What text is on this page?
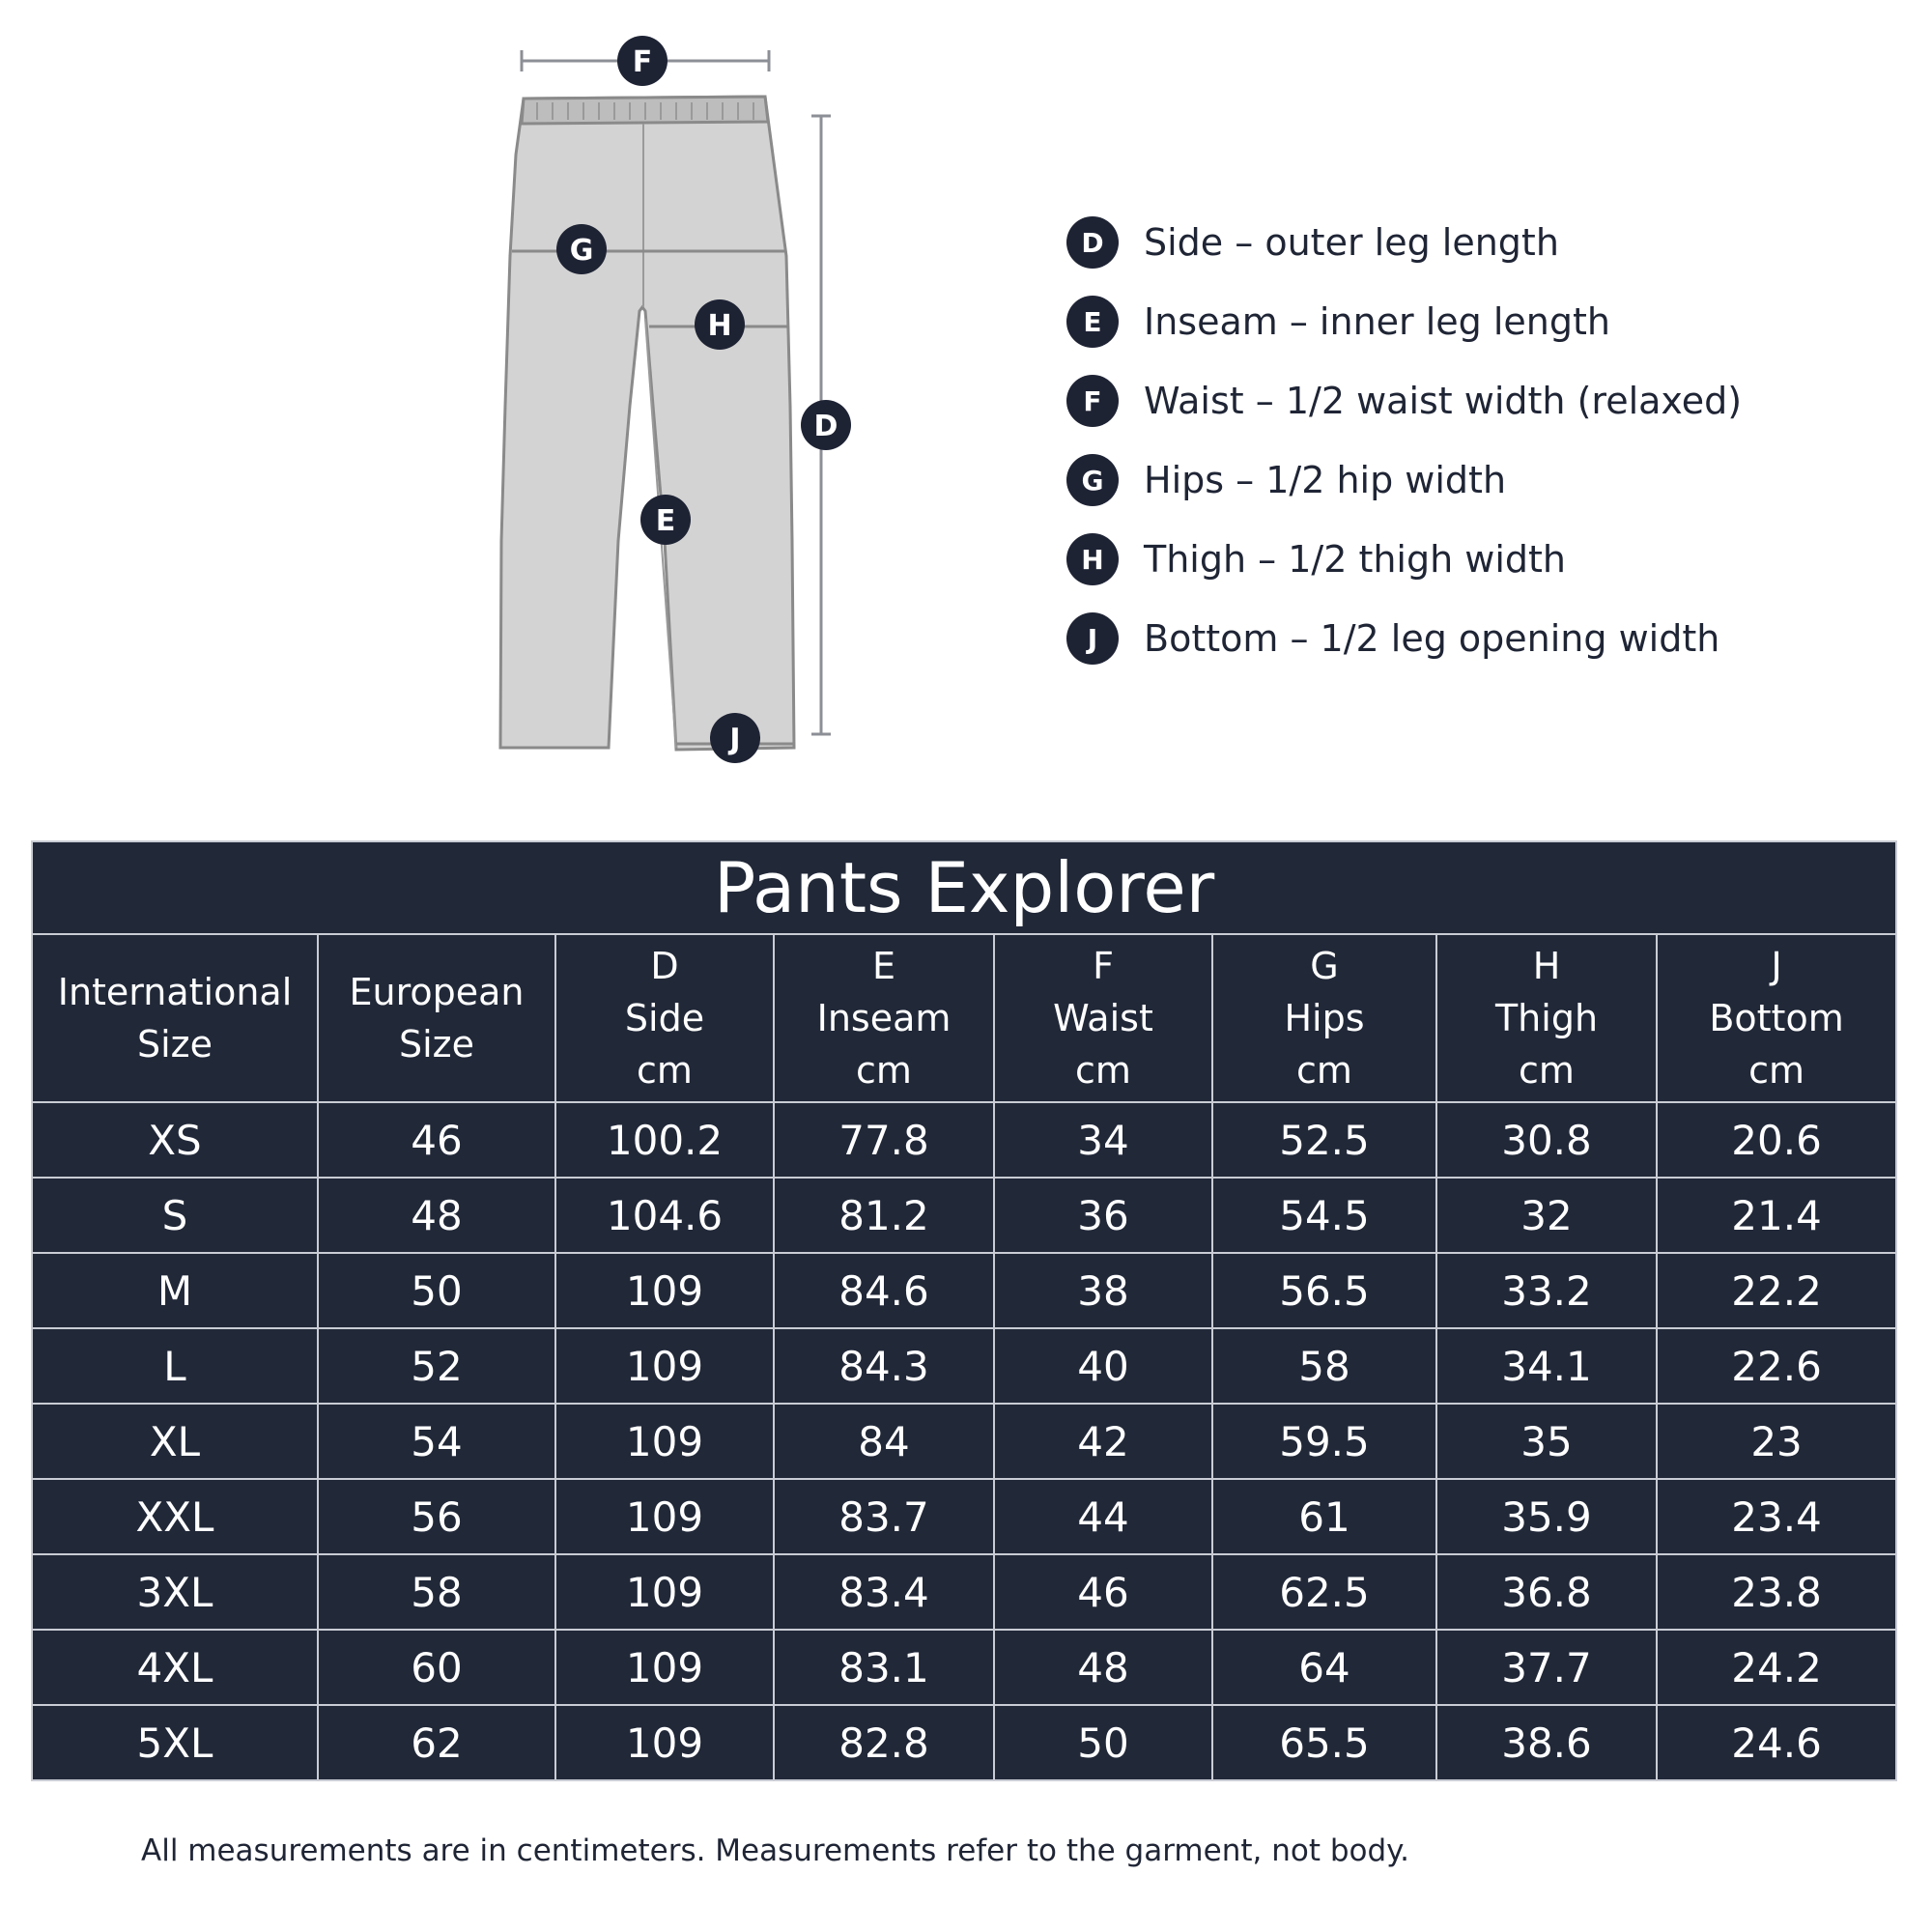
F
G
H
D
E
J
D	Side – outer leg length
E	Inseam – inner leg length
F	Waist – 1/2 waist width (relaxed)
G	Hips – 1/2 hip width
H	Thigh – 1/2 thigh width
J	Bottom – 1/2 leg opening width
Pants Explorer							

International
Size	European
Size	D
Side
cm	E
Inseam
cm	F
Waist
cm	G
Hips
cm	H
Thigh
cm	J
Bottom
cm

XS	46	100.2	77.8	34	52.5	30.8	20.6
S	48	104.6	81.2	36	54.5	32	21.4
M	50	109	84.6	38	56.5	33.2	22.2
L	52	109	84.3	40	58	34.1	22.6
XL	54	109	84	42	59.5	35	23
XXL	56	109	83.7	44	61	35.9	23.4
3XL	58	109	83.4	46	62.5	36.8	23.8
4XL	60	109	83.1	48	64	37.7	24.2
5XL	62	109	82.8	50	65.5	38.6	24.6
All measurements are in centimeters. Measurements refer to the garment, not body.
